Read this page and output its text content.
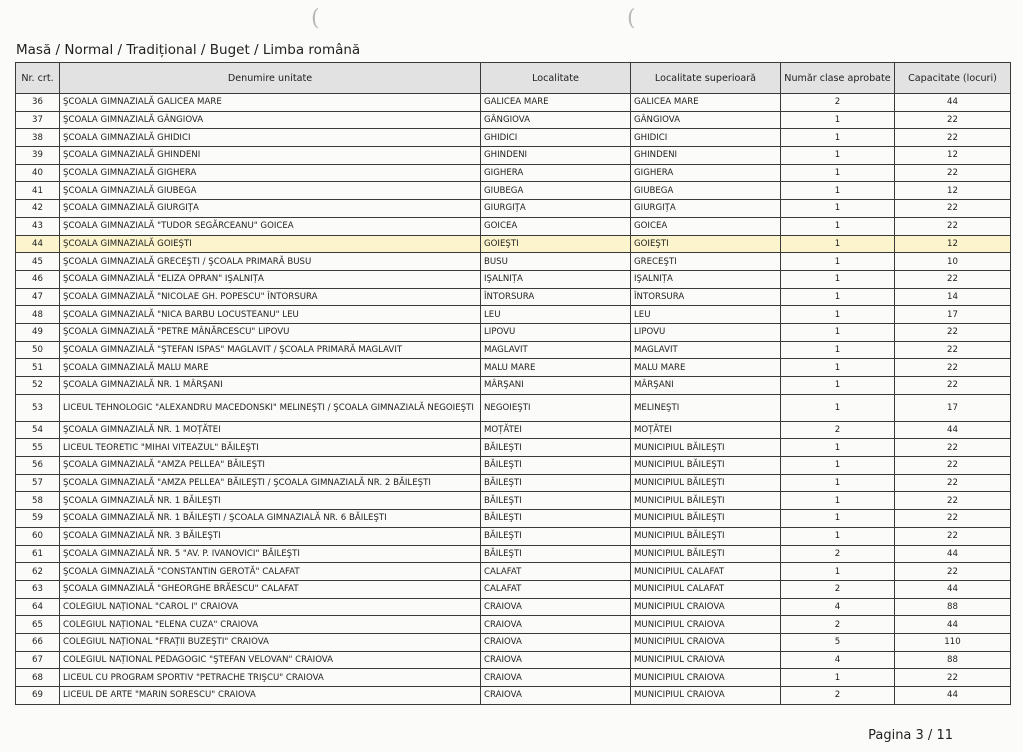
(	(
Masă / Normal / Tradițional / Buget / Limba română
Nr. crt.	Denumire unitate	Localitate	Localitate superioară	Număr clase aprobate	Capacitate (locuri)
36	ŞCOALA GIMNAZIALĂ GALICEA MARE	GALICEA MARE	GALICEA MARE	2	44
37	ŞCOALA GIMNAZIALĂ GÂNGIOVA	GÂNGIOVA	GÂNGIOVA	1	22
38	ŞCOALA GIMNAZIALĂ GHIDICI	GHIDICI	GHIDICI	1	22
39	ŞCOALA GIMNAZIALĂ GHINDENI	GHINDENI	GHINDENI	1	12
40	ŞCOALA GIMNAZIALĂ GIGHERA	GIGHERA	GIGHERA	1	22
41	ŞCOALA GIMNAZIALĂ GIUBEGA	GIUBEGA	GIUBEGA	1	12
42	ŞCOALA GIMNAZIALĂ GIURGIȚA	GIURGIȚA	GIURGIȚA	1	22
43	ŞCOALA GIMNAZIALĂ "TUDOR SEGĂRCEANU" GOICEA	GOICEA	GOICEA	1	22
44	ŞCOALA GIMNAZIALĂ GOIEŞTI	GOIEŞTI	GOIEŞTI	1	12
45	ŞCOALA GIMNAZIALĂ GRECEŞTI / ŞCOALA PRIMARĂ BUSU	BUSU	GRECEŞTI	1	10
46	ŞCOALA GIMNAZIALĂ "ELIZA OPRAN" IŞALNIȚA	IŞALNIȚA	IŞALNIȚA	1	22
47	ŞCOALA GIMNAZIALĂ "NICOLAE GH. POPESCU" ÎNTORSURA	ÎNTORSURA	ÎNTORSURA	1	14
48	ŞCOALA GIMNAZIALĂ "NICA BARBU LOCUSTEANU" LEU	LEU	LEU	1	17
49	ŞCOALA GIMNAZIALĂ "PETRE MÂNĂRCESCU" LIPOVU	LIPOVU	LIPOVU	1	22
50	ŞCOALA GIMNAZIALĂ "ŞTEFAN ISPAS" MAGLAVIT / ŞCOALA PRIMARĂ MAGLAVIT	MAGLAVIT	MAGLAVIT	1	22
51	ŞCOALA GIMNAZIALĂ MALU MARE	MALU MARE	MALU MARE	1	22
52	ŞCOALA GIMNAZIALĂ NR. 1 MÂRŞANI	MÂRŞANI	MÂRŞANI	1	22
53	LICEUL TEHNOLOGIC "ALEXANDRU MACEDONSKI" MELINEŞTI / ŞCOALA GIMNAZIALĂ NEGOIEŞTI	NEGOIEŞTI	MELINEŞTI	1	17
54	ŞCOALA GIMNAZIALĂ NR. 1 MOȚĂTEI	MOȚĂTEI	MOȚĂTEI	2	44
55	LICEUL TEORETIC "MIHAI VITEAZUL" BĂILEŞTI	BĂILEŞTI	MUNICIPIUL BĂILEŞTI	1	22
56	ŞCOALA GIMNAZIALĂ "AMZA PELLEA" BĂILEŞTI	BĂILEŞTI	MUNICIPIUL BĂILEŞTI	1	22
57	ŞCOALA GIMNAZIALĂ "AMZA PELLEA" BĂILEŞTI / ŞCOALA GIMNAZIALĂ NR. 2 BĂILEŞTI	BĂILEŞTI	MUNICIPIUL BĂILEŞTI	1	22
58	ŞCOALA GIMNAZIALĂ NR. 1 BĂILEŞTI	BĂILEŞTI	MUNICIPIUL BĂILEŞTI	1	22
59	ŞCOALA GIMNAZIALĂ NR. 1 BĂILEŞTI / ŞCOALA GIMNAZIALĂ NR. 6 BĂILEŞTI	BĂILEŞTI	MUNICIPIUL BĂILEŞTI	1	22
60	ŞCOALA GIMNAZIALĂ NR. 3 BĂILEŞTI	BĂILEŞTI	MUNICIPIUL BĂILEŞTI	1	22
61	ŞCOALA GIMNAZIALĂ NR. 5 "AV. P. IVANOVICI" BĂILEŞTI	BĂILEŞTI	MUNICIPIUL BĂILEŞTI	2	44
62	ŞCOALA GIMNAZIALĂ "CONSTANTIN GEROTĂ" CALAFAT	CALAFAT	MUNICIPIUL CALAFAT	1	22
63	ŞCOALA GIMNAZIALĂ "GHEORGHE BRĂESCU" CALAFAT	CALAFAT	MUNICIPIUL CALAFAT	2	44
64	COLEGIUL NAȚIONAL "CAROL I" CRAIOVA	CRAIOVA	MUNICIPIUL CRAIOVA	4	88
65	COLEGIUL NAȚIONAL "ELENA CUZA" CRAIOVA	CRAIOVA	MUNICIPIUL CRAIOVA	2	44
66	COLEGIUL NAȚIONAL "FRAȚII BUZEŞTI" CRAIOVA	CRAIOVA	MUNICIPIUL CRAIOVA	5	110
67	COLEGIUL NAȚIONAL PEDAGOGIC "ŞTEFAN VELOVAN" CRAIOVA	CRAIOVA	MUNICIPIUL CRAIOVA	4	88
68	LICEUL CU PROGRAM SPORTIV "PETRACHE TRIŞCU" CRAIOVA	CRAIOVA	MUNICIPIUL CRAIOVA	1	22
69	LICEUL DE ARTE "MARIN SORESCU" CRAIOVA	CRAIOVA	MUNICIPIUL CRAIOVA	2	44
Pagina 3 / 11
